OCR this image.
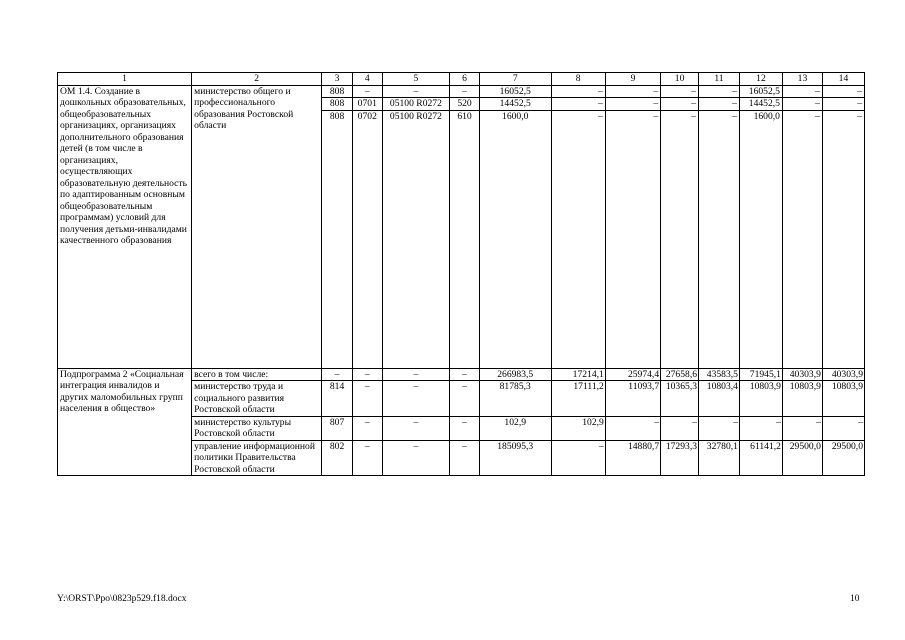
1	2	3	4	5	6	7	8	9	10	11	12	13	14
ОМ 1.4. Создание в дошкольных образовательных, общеобразовательных организациях, организациях дополнительного образования детей (в том числе в организациях, осуществляющих образовательную деятельность по адаптированным основным общеобразовательным программам) условий для получения детьми-инвалидами качественного образования	министерство общего и профессионального образования Ростовской области	808	–	–	–	16052,5	–	–	–	–	16052,5	–	–
		808	0701	05100 R0272	520	14452,5	–	–	–	–	14452,5	–	–
		808	0702	05100 R0272	610	1600,0	–	–	–	–	1600,0	–	–
Подпрограмма 2 «Социальная интеграция инвалидов и других маломобильных групп населения в общество»	всего в том числе:	–	–	–	–	266983,5	17214,1	25974,4	27658,6	43583,5	71945,1	40303,9	40303,9
	министерство труда и социального развития Ростовской области	814	–	–	–	81785,3	17111,2	11093,7	10365,3	10803,4	10803,9	10803,9	10803,9
	министерство культуры Ростовской области	807	–	–	–	102,9	102,9	–	–	–	–	–	–
	управление информационной политики Правительства Ростовской области	802	–	–	–	185095,3	–	14880,7	17293,3	32780,1	61141,2	29500,0	29500,0
Y:\ORST\Ppo\0823p529.f18.docx	10
